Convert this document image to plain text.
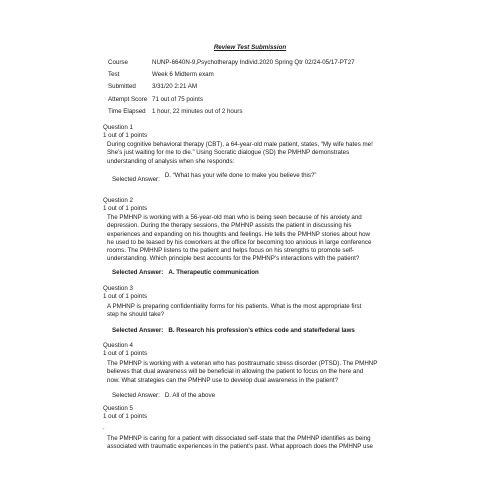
Review Test Submission
Course	NUNP-6640N-9,Psychotherapy Individ.2020 Spring Qtr 02/24-05/17-PT27
Test	Week 6 Midterm exam
Submitted	3/31/20 2:21 AM
Attempt Score 71 out of 75 points
Time Elapsed	1 hour, 22 minutes out of 2 hours
Question 1
1 out of 1 points
During cognitive behavioral therapy (CBT), a 64-year-old male patient, states, “My wife hates me!
She’s just waiting for me to die.” Using Socratic dialogue (SD) the PMHNP demonstrates
understanding of analysis when she responds:
Selected Answer:D. “What has your wife done to make you believe this?”
Question 2
1 out of 1 points
The PMHNP is working with a 56-year-old man who is being seen because of his anxiety and
depression. During the therapy sessions, the PMHNP assists the patient in discussing his
experiences and expanding on his thoughts and feelings. He tells the PMHNP stories about how
he used to be teased by his coworkers at the office for becoming too anxious in large conference
rooms. The PMHNP listens to the patient and helps focus on his strengths to promote self-
understanding. Which principle best accounts for the PMHNP’s interactions with the patient?
Selected Answer: A. Therapeutic communication
Question 3
1 out of 1 points
A PMHNP is preparing confidentiality forms for his patients. What is the most appropriate first
step he should take?
Selected Answer: B. Research his profession’s ethics code and state/federal laws
Question 4
1 out of 1 points
The PMHNP is working with a veteran who has posttraumatic stress disorder (PTSD). The PMHNP
believes that dual awareness will be beneficial in allowing the patient to focus on the here and
now. What strategies can the PMHNP use to develop dual awareness in the patient?
Selected Answer: D. All of the above
Question 5
1 out of 1 points
.
The PMHNP is caring for a patient with dissociated self-state that the PMHNP identifies as being
associated with traumatic experiences in the patient’s past. What approach does the PMHNP use
